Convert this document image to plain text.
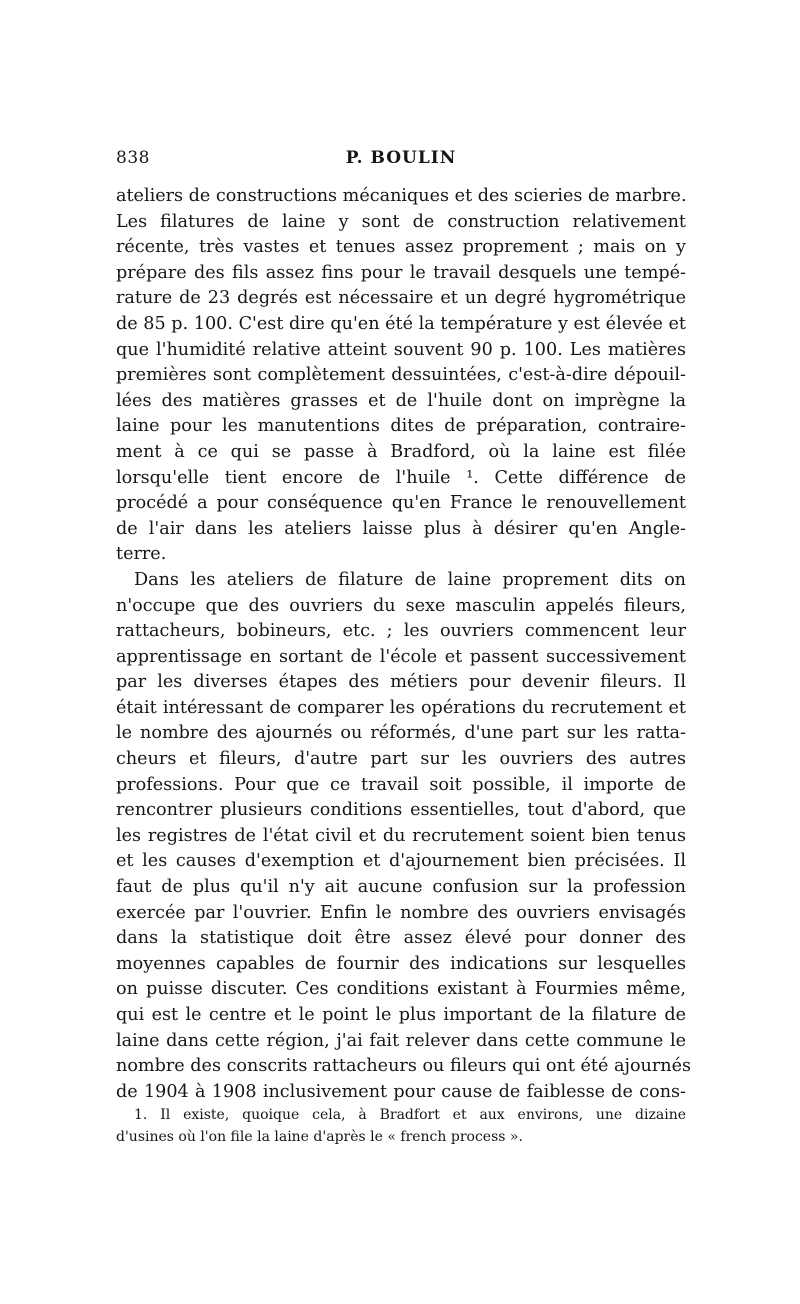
838	P. BOULIN
ateliers de constructions mécaniques et des scieries de marbre.
Les filatures de laine y sont de construction relativement
récente, très vastes et tenues assez proprement ; mais on y
prépare des fils assez fins pour le travail desquels une tempé-
rature de 23 degrés est nécessaire et un degré hygrométrique
de 85 p. 100. C'est dire qu'en été la température y est élevée et
que l'humidité relative atteint souvent 90 p. 100. Les matières
premières sont complètement dessuintées, c'est-à-dire dépouil-
lées des matières grasses et de l'huile dont on imprègne la
laine pour les manutentions dites de préparation, contraire-
ment à ce qui se passe à Bradford, où la laine est filée
lorsqu'elle tient encore de l'huile ¹. Cette différence de
procédé a pour conséquence qu'en France le renouvellement
de l'air dans les ateliers laisse plus à désirer qu'en Angle-
terre.
Dans les ateliers de filature de laine proprement dits on
n'occupe que des ouvriers du sexe masculin appelés fileurs,
rattacheurs, bobineurs, etc. ; les ouvriers commencent leur
apprentissage en sortant de l'école et passent successivement
par les diverses étapes des métiers pour devenir fileurs. Il
était intéressant de comparer les opérations du recrutement et
le nombre des ajournés ou réformés, d'une part sur les ratta-
cheurs et fileurs, d'autre part sur les ouvriers des autres
professions. Pour que ce travail soit possible, il importe de
rencontrer plusieurs conditions essentielles, tout d'abord, que
les registres de l'état civil et du recrutement soient bien tenus
et les causes d'exemption et d'ajournement bien précisées. Il
faut de plus qu'il n'y ait aucune confusion sur la profession
exercée par l'ouvrier. Enfin le nombre des ouvriers envisagés
dans la statistique doit être assez élevé pour donner des
moyennes capables de fournir des indications sur lesquelles
on puisse discuter. Ces conditions existant à Fourmies même,
qui est le centre et le point le plus important de la filature de
laine dans cette région, j'ai fait relever dans cette commune le
nombre des conscrits rattacheurs ou fileurs qui ont été ajournés
de 1904 à 1908 inclusivement pour cause de faiblesse de cons-
1. Il existe, quoique cela, à Bradfort et aux environs, une dizaine
d'usines où l'on file la laine d'après le « french process ».
